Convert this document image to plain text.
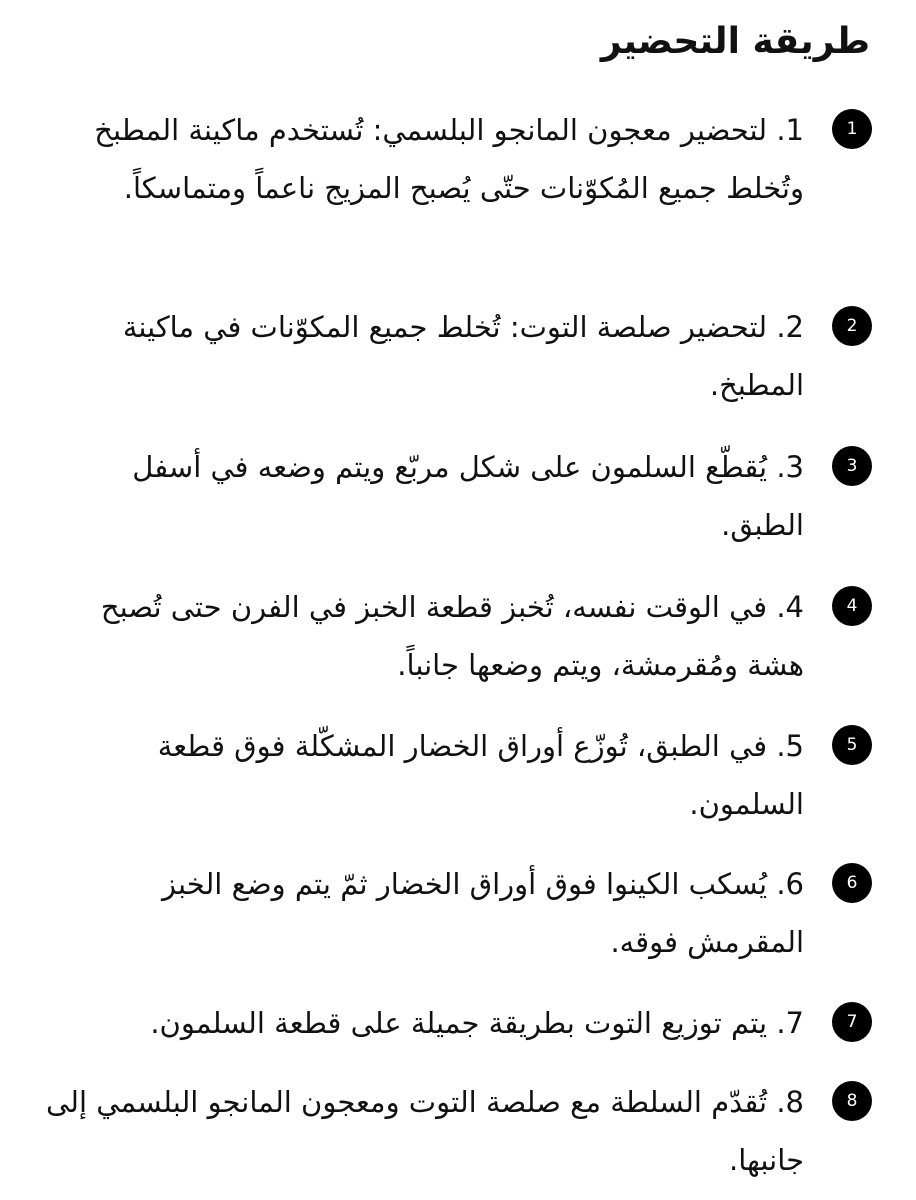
طريقة التحضير
1

1. لتحضير معجون المانجو البلسمي: تُستخدم ماكينة المطبخ وتُخلط جميع المُكوّنات حتّى يُصبح المزيج ناعماً ومتماسكاً.

2

2. لتحضير صلصة التوت: تُخلط جميع المكوّنات في ماكينة المطبخ.

3

3. يُقطّع السلمون على شكل مربّع ويتم وضعه في أسفل الطبق.

4

4. في الوقت نفسه، تُخبز قطعة الخبز في الفرن حتى تُصبح هشة ومُقرمشة، ويتم وضعها جانباً.

5

5. في الطبق، تُوزّع أوراق الخضار المشكّلة فوق قطعة السلمون.

6

6. يُسكب الكينوا فوق أوراق الخضار ثمّ يتم وضع الخبز المقرمش فوقه.

7

7. يتم توزيع التوت بطريقة جميلة على قطعة السلمون.

8

8. تُقدّم السلطة مع صلصة التوت ومعجون المانجو البلسمي إلى جانبها.
